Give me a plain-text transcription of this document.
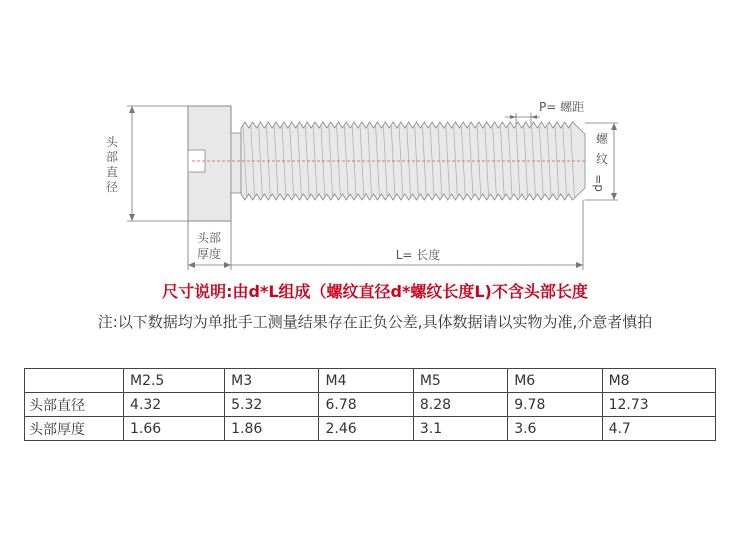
头
部
直
径
头部
厚度	L= 长度
P= 螺距
螺
纹
d=
尺寸说明:由d*L组成（螺纹直径d*螺纹长度L)不含头部长度
注:以下数据均为单批手工测量结果存在正负公差,具体数据请以实物为准,介意者慎拍
	M2.5	M3	M4	M5	M6	M8
头部直径	4.32	5.32	6.78	8.28	9.78	12.73
头部厚度	1.66	1.86	2.46	3.1	3.6	4.7
